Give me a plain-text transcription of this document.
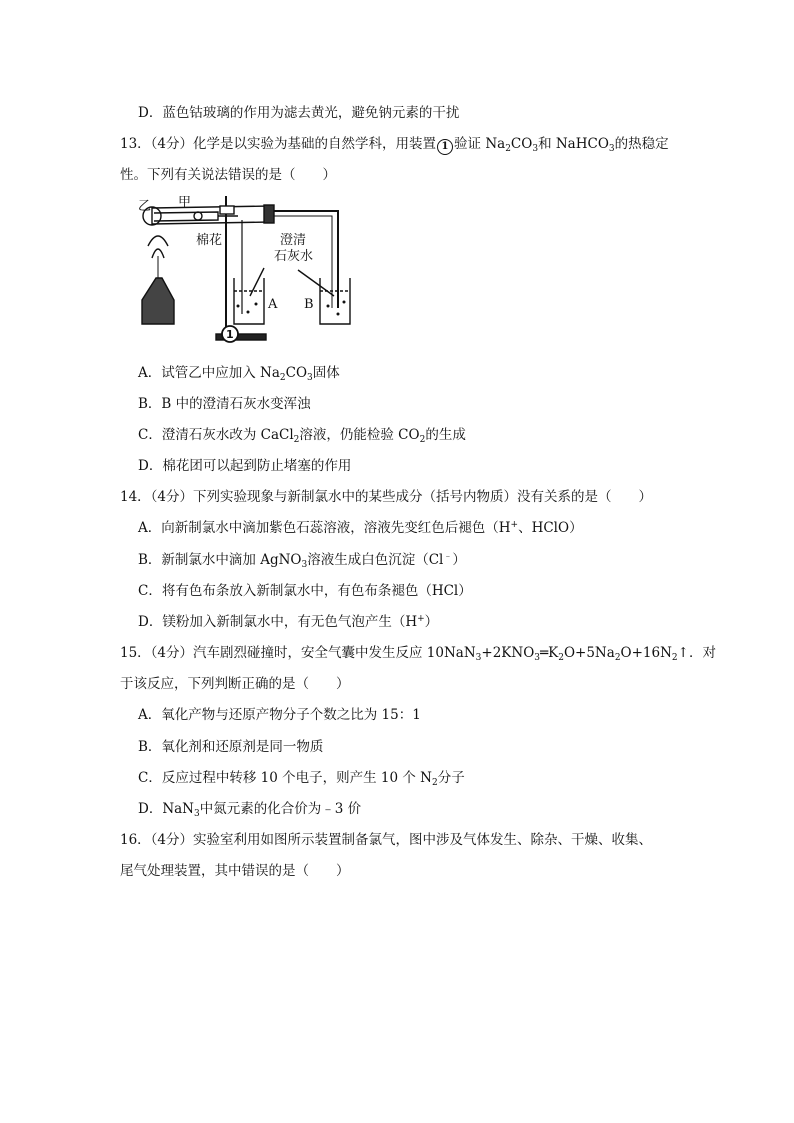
D．蓝色钴玻璃的作用为滤去黄光，避免钠元素的干扰
13．（4分）化学是以实验为基础的自然学科，用装置 1 验证 $Na_2CO_3$和 NaHCO$_3$的热稳定
性。下列有关说法错误的是（　　）
乙 甲
棉花	澄清
石灰水
A B
1
A．试管乙中应加入 $Na_2CO_3$固体
B．B 中的澄清石灰水变浑浊
C．澄清石灰水改为 CaCl$_2$溶液，仍能检验 $CO_2$的生成
D．棉花团可以起到防止堵塞的作用
14．（4分）下列实验现象与新制氯水中的某些成分（括号内物质）没有关系的是（　　）
A．向新制氯水中滴加紫色石蕊溶液，溶液先变红色后褪色（H+、HClO）
B．新制氯水中滴加 AgNO$_3$溶液生成白色沉淀（Cl﹣）
C．将有色布条放入新制氯水中，有色布条褪色（HCl）
D．镁粉加入新制氯水中，有无色气泡产生（H+）
15．（4分）汽车剧烈碰撞时，安全气囊中发生反应 $10NaN_3+2KNO_3═K_2O+5Na_2O+16N_2↑$．对
于该反应，下列判断正确的是（　　）
A．氧化产物与还原产物分子个数之比为 15：1
B．氧化剂和还原剂是同一物质
C．反应过程中转移 10 个电子，则产生 10 个 $N_2$分子
D．NaN$_3$中氮元素的化合价为﹣3 价
16．（4分）实验室利用如图所示装置制备氯气，图中涉及气体发生、除杂、干燥、收集、
尾气处理装置，其中错误的是（　　）
